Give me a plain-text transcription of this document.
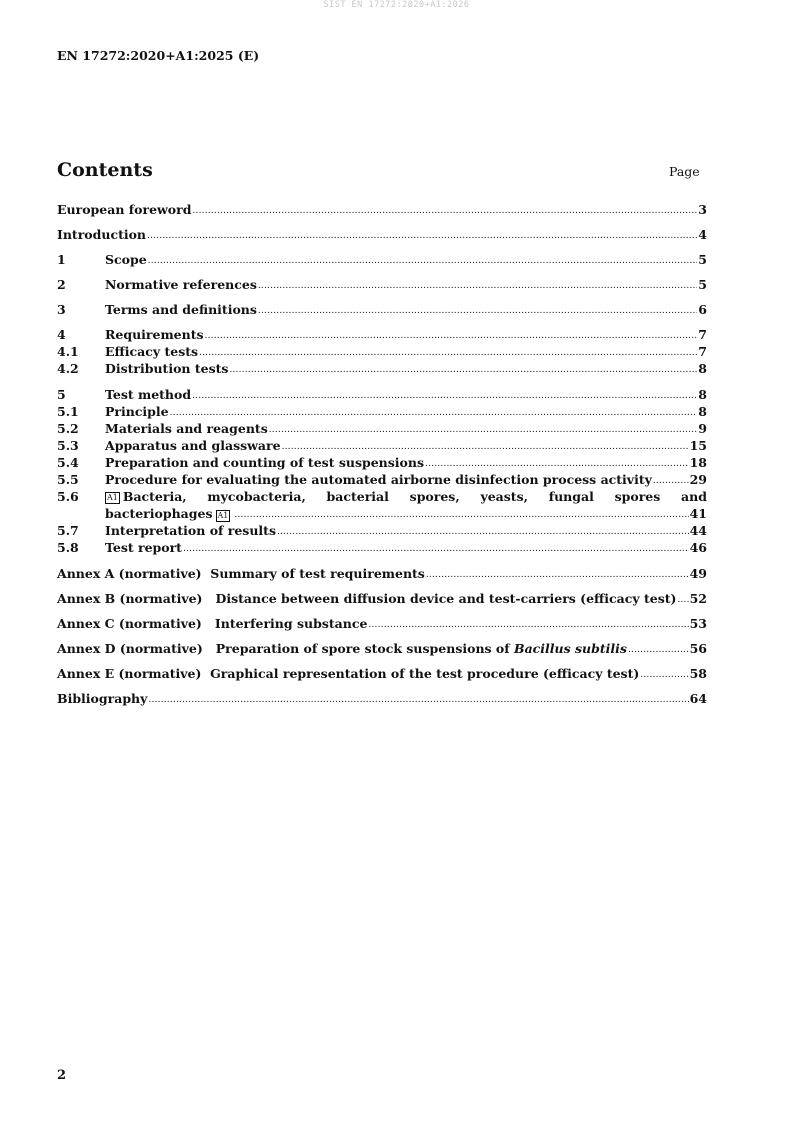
SIST EN 17272:2020+A1:2026
EN 17272:2020+A1:2025 (E)
Contents	Page
European foreword .....	3
Introduction .....	4
1	Scope .....	5
2	Normative references .....	5
3	Terms and definitions .....	6
4	Requirements .....	7
4.1	Efficacy tests .....	7
4.2	Distribution tests .....	8
5	Test method .....	8
5.1	Principle .....	8
5.2	Materials and reagents .....	9
5.3	Apparatus and glassware .....	15
5.4	Preparation and counting of test suspensions .....	18
5.5	Procedure for evaluating the automated airborne disinfection process activity .....	29
5.6	A1 Bacteria, mycobacteria, bacterial spores, yeasts, fungal spores and
bacteriophages A1 .....	41
5.7	Interpretation of results .....	44
5.8	Test report .....	46
Annex A (normative)  Summary of test requirements .....	49
Annex B (normative)   Distance between diffusion device and test-carriers (efficacy test) ..... 52
Annex C (normative)   Interfering substance .....	53
Annex D (normative)   Preparation of spore stock suspensions of Bacillus subtilis .....	56
Annex E (normative)  Graphical representation of the test procedure (efficacy test) .....	58
Bibliography .....	64
2
